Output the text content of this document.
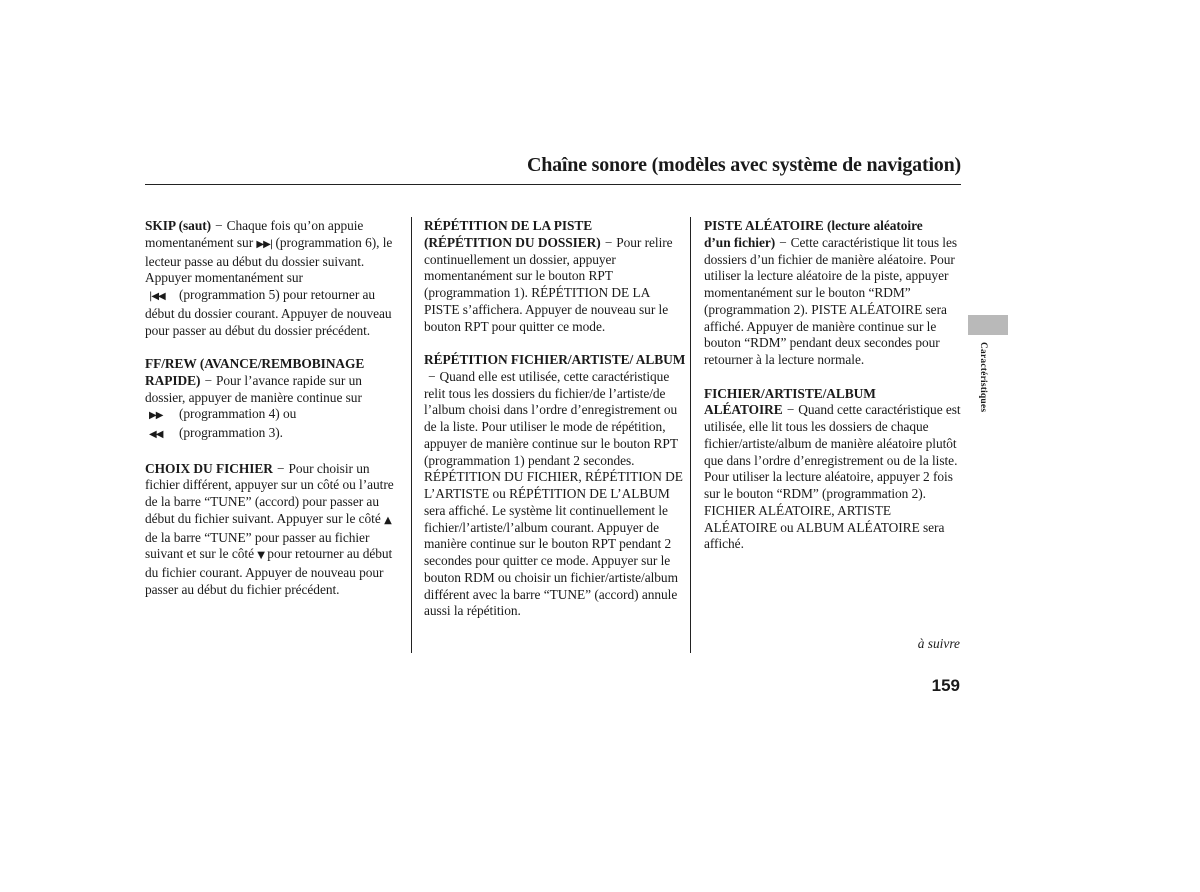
Chaîne sonore (modèles avec système de navigation)

SKIP (saut) − Chaque fois qu’on appuie momentanément sur ▶▶| (programmation 6), le lecteur passe au début du dossier suivant. Appuyer momentanément sur
|◀◀ (programmation 5) pour retourner au début du dossier courant. Appuyer de nouveau pour passer au début du dossier précédent.

FF/REW (AVANCE/REMBOBINAGE RAPIDE) − Pour l’avance rapide sur un dossier, appuyer de manière continue sur
▶▶ (programmation 4) ou
◀◀ (programmation 3).

CHOIX DU FICHIER − Pour choisir un fichier différent, appuyer sur un côté ou l’autre de la barre “TUNE” (accord) pour passer au début du fichier suivant. Appuyer sur le côté ▲ de la barre “TUNE” pour passer au fichier suivant et sur le côté ▼ pour retourner au début du fichier courant. Appuyer de nouveau pour passer au début du fichier précédent.

RÉPÉTITION DE LA PISTE
(RÉPÉTITION DU DOSSIER) − Pour relire continuellement un dossier, appuyer momentanément sur le bouton RPT (programmation 1). RÉPÉTITION DE LA PISTE s’affichera. Appuyer de nouveau sur le bouton RPT pour quitter ce mode.

RÉPÉTITION FICHIER/ARTISTE/ ALBUM− Quand elle est utilisée, cette caractéristique relit tous les dossiers du fichier/de l’artiste/de l’album choisi dans l’ordre d’enregistrement ou de la liste. Pour utiliser le mode de répétition, appuyer de manière continue sur le bouton RPT (programmation 1) pendant 2 secondes. RÉPÉTITION DU FICHIER, RÉPÉTITION DE L’ARTISTE ou RÉPÉTITION DE L’ALBUM sera affiché. Le système lit continuellement le fichier/l’artiste/l’album courant. Appuyer de manière continue sur le bouton RPT pendant 2 secondes pour quitter ce mode. Appuyer sur le bouton RDM ou choisir un fichier/artiste/album différent avec la barre “TUNE” (accord) annule aussi la répétition.

PISTE ALÉATOIRE (lecture aléatoire
d’un fichier) − Cette caractéristique lit tous les dossiers d’un fichier de manière aléatoire. Pour utiliser la lecture aléatoire de la piste, appuyer momentanément sur le bouton “RDM” (programmation 2). PISTE ALÉATOIRE sera affiché. Appuyer de manière continue sur le bouton “RDM” pendant deux secondes pour retourner à la lecture normale.

FICHIER/ARTISTE/ALBUM
ALÉATOIRE − Quand cette caractéristique est utilisée, elle lit tous les dossiers de chaque fichier/artiste/album de manière aléatoire plutôt que dans l’ordre d’enregistrement ou de la liste. Pour utiliser la lecture aléatoire, appuyer 2 fois sur le bouton “RDM” (programmation 2). FICHIER ALÉATOIRE, ARTISTE ALÉATOIRE ou ALBUM ALÉATOIRE sera affiché.

à suivre
159
Caractéristiques
